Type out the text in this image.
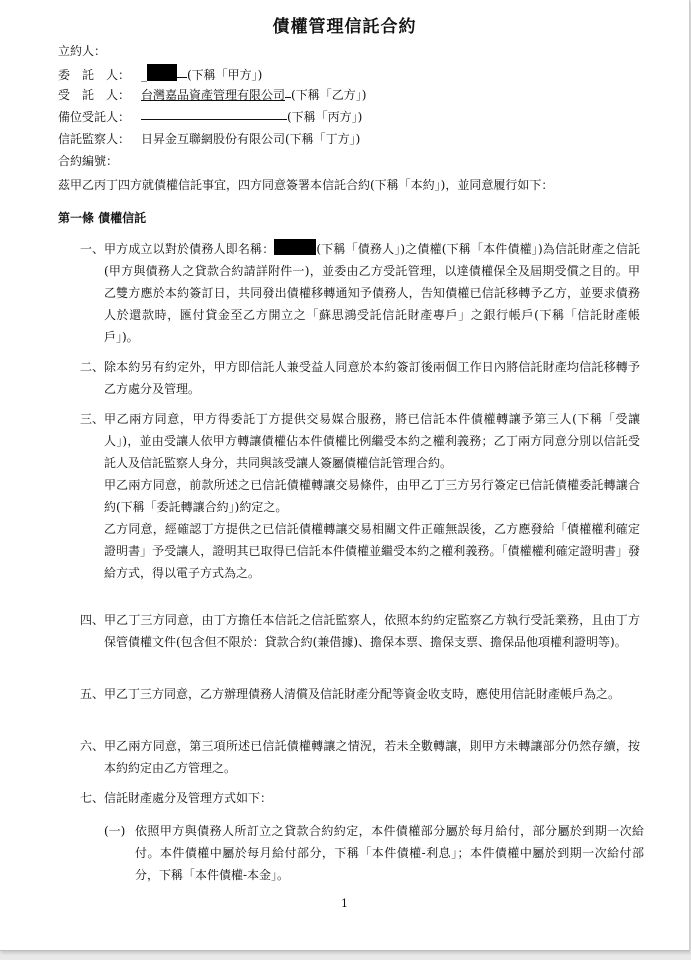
債權管理信託合約
立約人：
委　託　人： _	(下稱「甲方」)
受　託　人： 台灣嘉品資產管理有限公司 (下稱「乙方」)
備位受託人：	(下稱「丙方」)
信託監察人： 日昇金互聯網股份有限公司(下稱「丁方」)
合約編號：
茲甲乙丙丁四方就債權信託事宜，四方同意簽署本信託合約(下稱「本約」)，並同意履行如下：
第一條 債權信託
一、 甲方成立以對於債務人即名稱：	(下稱「債務人」)之債權(下稱「本件債權」)為信託財產之信託(甲方與債務人之貸款合約請詳附件一)，並委由乙方受託管理，以達債權保全及屆期受償之目的。甲乙雙方應於本約簽訂日，共同發出債權移轉通知予債務人，告知債權已信託移轉予乙方，並要求債務人於還款時，匯付貸金至乙方開立之「蘇思鴻受託信託財產專戶」之銀行帳戶(下稱「信託財產帳戶」)。
二、 除本約另有約定外，甲方即信託人兼受益人同意於本約簽訂後兩個工作日內將信託財產均信託移轉予乙方處分及管理。
三、 甲乙兩方同意，甲方得委託丁方提供交易媒合服務，將已信託本件債權轉讓予第三人(下稱「受讓人」)，並由受讓人依甲方轉讓債權佔本件債權比例繼受本約之權利義務；乙丁兩方同意分別以信託受託人及信託監察人身分，共同與該受讓人簽屬債權信託管理合約。
甲乙兩方同意，前款所述之已信託債權轉讓交易條件，由甲乙丁三方另行簽定已信託債權委託轉讓合約(下稱「委託轉讓合約」)約定之。
乙方同意，經確認丁方提供之已信託債權轉讓交易相關文件正確無誤後，乙方應發給「債權權利確定證明書」予受讓人，證明其已取得已信託本件債權並繼受本約之權利義務。「債權權利確定證明書」發給方式，得以電子方式為之。
四、 甲乙丁三方同意，由丁方擔任本信託之信託監察人，依照本約約定監察乙方執行受託業務，且由丁方保管債權文件(包含但不限於：貸款合約(兼借據)、擔保本票、擔保支票、擔保品他項權利證明等)。
五、 甲乙丁三方同意，乙方辦理債務人清償及信託財產分配等資金收支時，應使用信託財產帳戶為之。
六、 甲乙兩方同意，第三項所述已信託債權轉讓之情況，若未全數轉讓，則甲方未轉讓部分仍然存續，按本約約定由乙方管理之。
七、 信託財產處分及管理方式如下：
(一) 依照甲方與債務人所訂立之貸款合約約定，本件債權部分屬於每月給付，部分屬於到期一次給付。本件債權中屬於每月給付部分，下稱「本件債權-利息」；本件債權中屬於到期一次給付部分，下稱「本件債權-本金」。
1
